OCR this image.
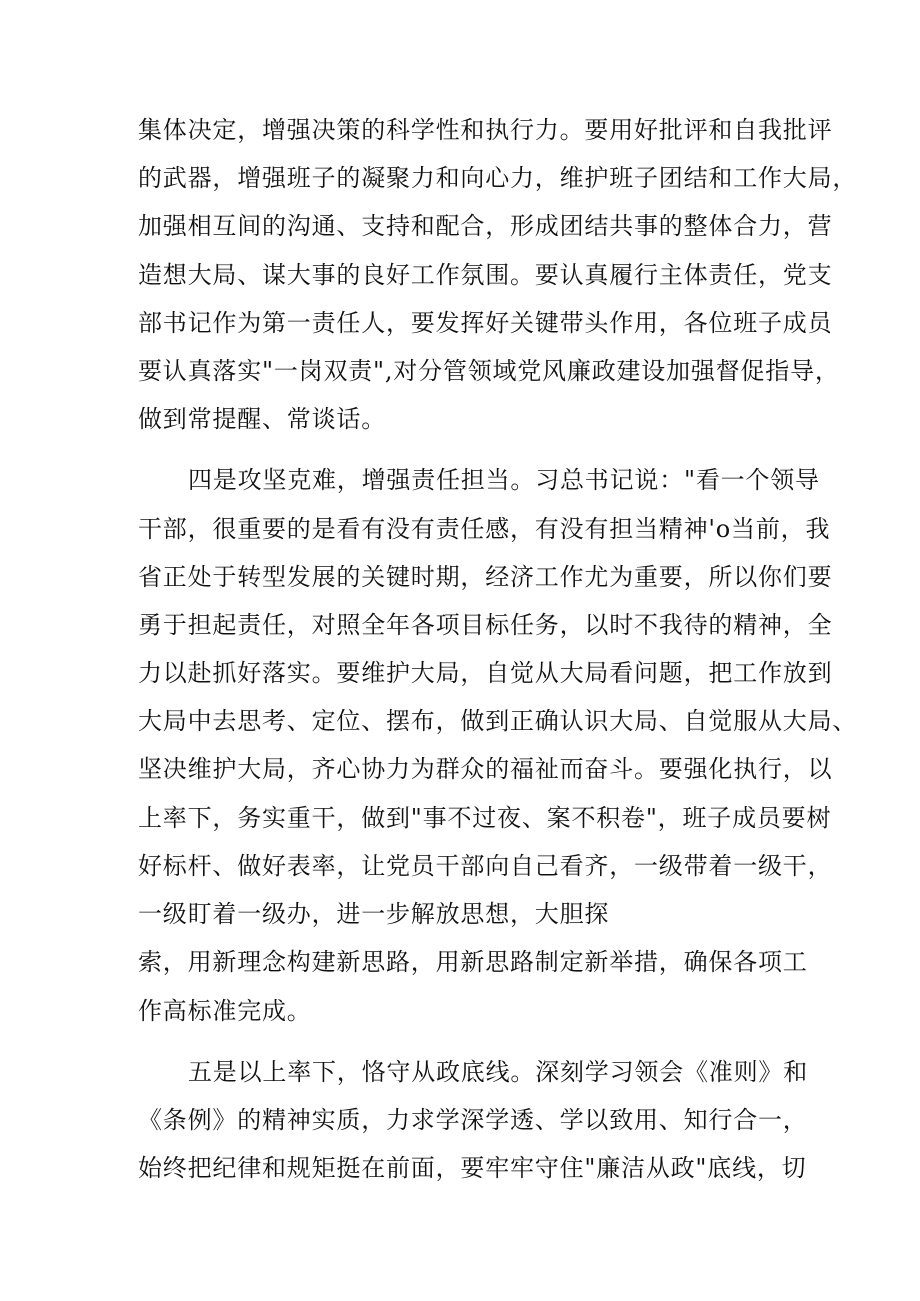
集体决定，增强决策的科学性和执行力。要用好批评和自我批评
的武器，增强班子的凝聚力和向心力，维护班子团结和工作大局，
加强相互间的沟通、支持和配合，形成团结共事的整体合力，营
造想大局、谋大事的良好工作氛围。要认真履行主体责任，党支
部书记作为第一责任人，要发挥好关键带头作用，各位班子成员
要认真落实"一岗双责",对分管领域党风廉政建设加强督促指导，
做到常提醒、常谈话。
四是攻坚克难，增强责任担当。习总书记说："看一个领导
干部，很重要的是看有没有责任感，有没有担当精神'o当前，我
省正处于转型发展的关键时期，经济工作尤为重要，所以你们要
勇于担起责任，对照全年各项目标任务，以时不我待的精神，全
力以赴抓好落实。要维护大局，自觉从大局看问题，把工作放到
大局中去思考、定位、摆布，做到正确认识大局、自觉服从大局、
坚决维护大局，齐心协力为群众的福祉而奋斗。要强化执行，以
上率下，务实重干，做到"事不过夜、案不积卷"，班子成员要树
好标杆、做好表率，让党员干部向自己看齐，一级带着一级干，
一级盯着一级办，进一步解放思想，大胆探
索，用新理念构建新思路，用新思路制定新举措，确保各项工
作高标准完成。
五是以上率下，恪守从政底线。深刻学习领会《准则》和
《条例》的精神实质，力求学深学透、学以致用、知行合一，
始终把纪律和规矩挺在前面，要牢牢守住"廉洁从政"底线，切
